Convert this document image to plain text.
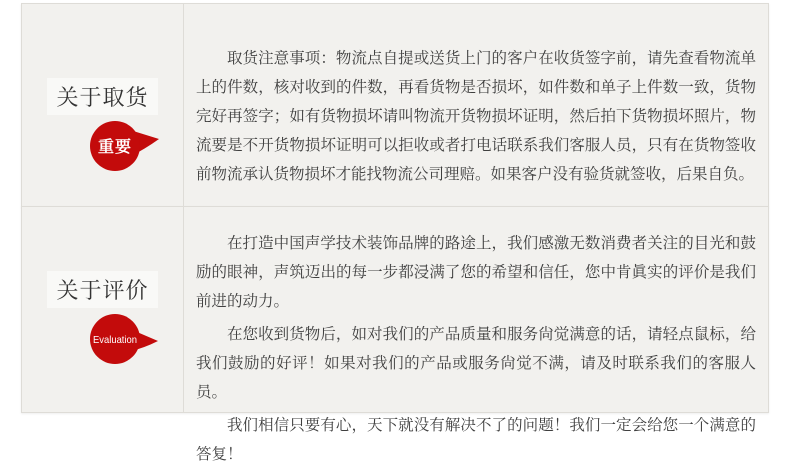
关于取货
重要

取货注意事项：物流点自提或送货上门的客户在收货签字前，请先查看物流单上的件数，核对收到的件数，再看货物是否损坏，如件数和单子上件数一致，货物完好再签字；如有货物损坏请叫物流开货物损坏证明，然后拍下货物损坏照片，物流要是不开货物损坏证明可以拒收或者打电话联系我们客服人员，只有在货物签收前物流承认货物损坏才能找物流公司理赔。如果客户没有验货就签收，后果自负。

关于评价
Evaluation

在打造中国声学技术装饰品牌的路途上，我们感激无数消费者关注的目光和鼓励的眼神，声筑迈出的每一步都浸满了您的希望和信任，您中肯眞实的评价是我们前进的动力。

在您收到货物后，如对我们的产品质量和服务尙觉满意的话，请轻点鼠标，给我们鼓励的好评！如果对我们的产品或服务尙觉不满，请及时联系我们的客服人员。

我们相信只要有心，天下就没有解决不了的问题！我们一定会给您一个满意的答复！
